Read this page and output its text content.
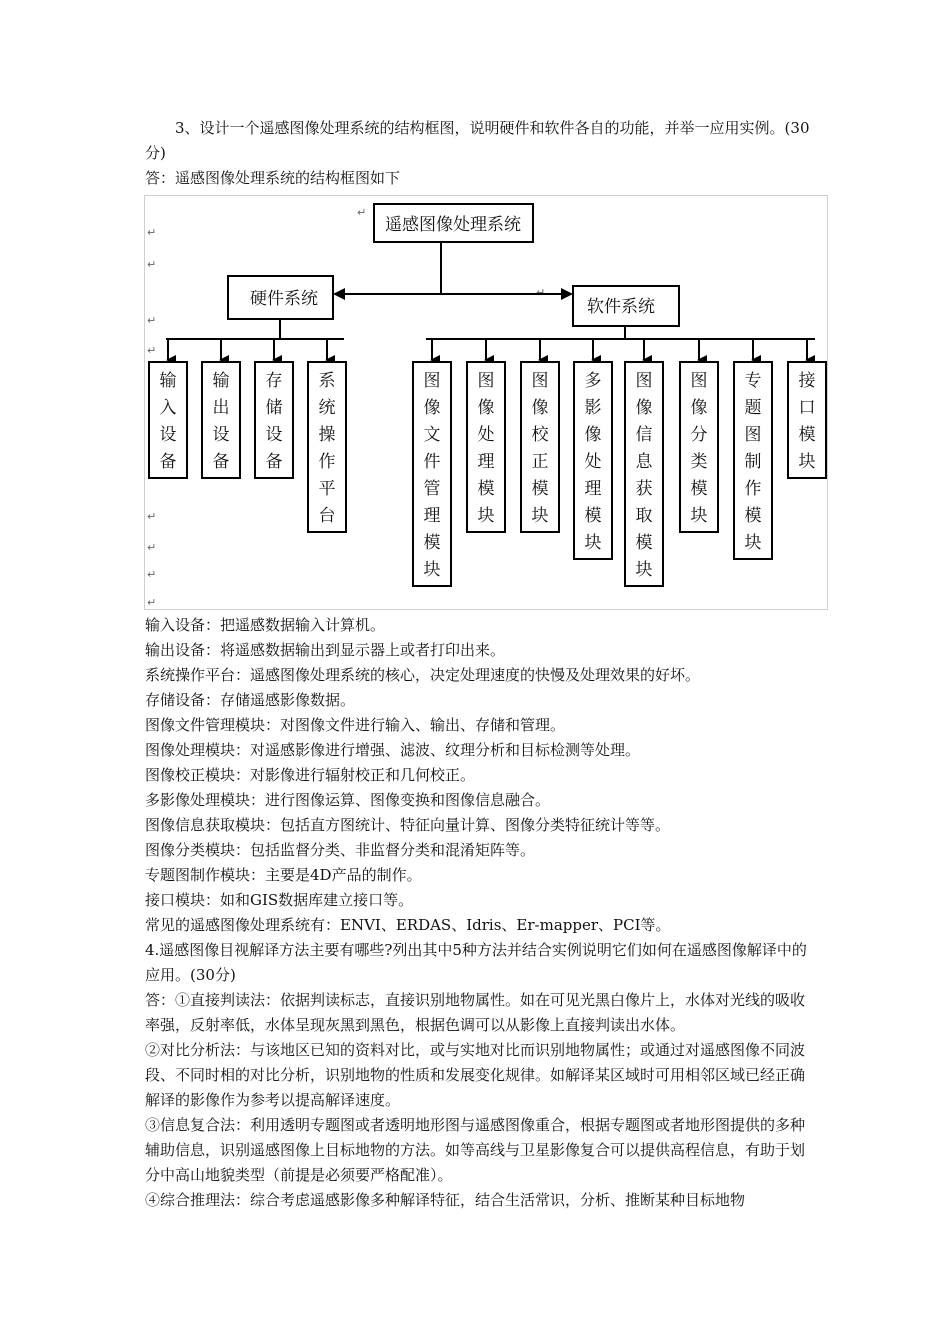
3、设计一个遥感图像处理系统的结构框图，说明硬件和软件各自的功能，并举一应用实例。(30分)

答：遥感图像处理系统的结构框图如下

↵
↵
↵
↵
↵
↵
↵
↵
↵
↵
遥感图像处理系统
硬件系统	软件系统
输入设备
输出设备
存储设备
系统操作平台
图像文件管理模块
图像处理模块
图像校正模块
多影像处理模块
图像信息获取模块
图像分类模块
专题图制作模块
接口模块

输入设备：把遥感数据输入计算机。

输出设备：将遥感数据输出到显示器上或者打印出来。

系统操作平台：遥感图像处理系统的核心，决定处理速度的快慢及处理效果的好坏。

存储设备：存储遥感影像数据。

图像文件管理模块：对图像文件进行输入、输出、存储和管理。

图像处理模块：对遥感影像进行增强、滤波、纹理分析和目标检测等处理。

图像校正模块：对影像进行辐射校正和几何校正。

多影像处理模块：进行图像运算、图像变换和图像信息融合。

图像信息获取模块：包括直方图统计、特征向量计算、图像分类特征统计等等。

图像分类模块：包括监督分类、非监督分类和混淆矩阵等。

专题图制作模块：主要是4D产品的制作。

接口模块：如和GIS数据库建立接口等。

常见的遥感图像处理系统有：ENVI、ERDAS、Idris、Er-mapper、PCI等。

4.遥感图像目视解译方法主要有哪些?列出其中5种方法并结合实例说明它们如何在遥感图像解译中的应用。(30分)

答：①直接判读法：依据判读标志，直接识别地物属性。如在可见光黑白像片上，水体对光线的吸收率强，反射率低，水体呈现灰黑到黑色，根据色调可以从影像上直接判读出水体。

②对比分析法：与该地区已知的资料对比，或与实地对比而识别地物属性；或通过对遥感图像不同波段、不同时相的对比分析，识别地物的性质和发展变化规律。如解译某区域时可用相邻区域已经正确解译的影像作为参考以提高解译速度。

③信息复合法：利用透明专题图或者透明地形图与遥感图像重合，根据专题图或者地形图提供的多种辅助信息，识别遥感图像上目标地物的方法。如等高线与卫星影像复合可以提供高程信息，有助于划分中高山地貌类型（前提是必须要严格配准）。

④综合推理法：综合考虑遥感影像多种解译特征，结合生活常识，分析、推断某种目标地物
